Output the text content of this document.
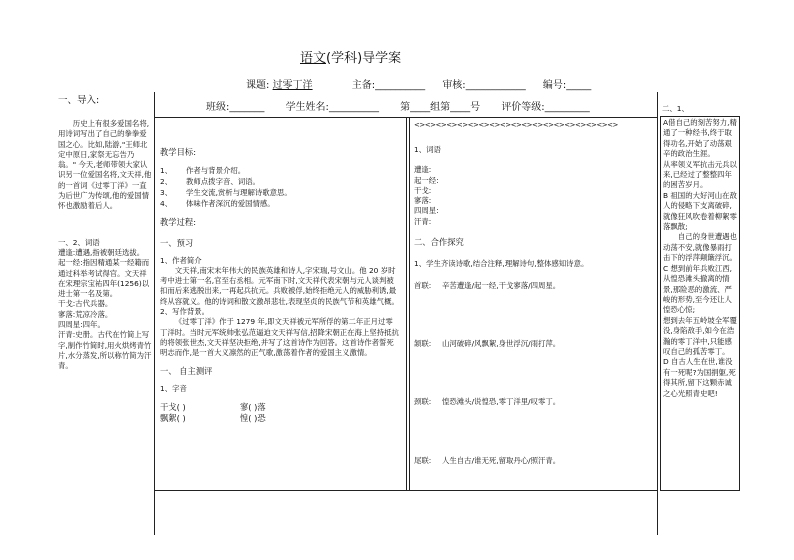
语文(学科)导学案
课题: 过零丁洋	主备:__________ 审核:____________ 编号:_____
班级:_______ 学生姓名:__________ 第____组第____号 评价等级:_________
一、导入:

历史上有很多爱国名将,用诗词写出了自己的拳拳爱国之心。比如,陆游,"王师北定中原日,家祭无忘告乃翁。" 今天,老师带领大家认识另一位爱国名将,文天祥,他的一首词《过零丁洋》一直为后世广为传颂,他的爱国情怀也激励着后人。

一、2、词语

遭逢:遭遇,指被朝廷选拔。

起一经:指因精通某一经籍而通过科举考试得官。文天祥在宋理宗宝祐四年(1256)以进士第一名及第。

干戈:古代兵器。

寥落:荒凉冷落。

四周星:四年。

汗青:史册。古代在竹简上写字,制作竹简时,用火烘烤青竹片,水分蒸发,所以称竹简为汗青。

教学目标:
1、	作者与背景介绍。
2、	教师点拨字音、词语。
3、	学生交流,赏析与理解诗歌意思。
4、	体味作者深沉的爱国情感。
教学过程:
一、预习
1、作者简介

文天祥,南宋末年伟大的民族英雄和诗人,字宋瑞,号文山。他 20 岁时考中进士第一名,官至右丞相。元军南下时,文天祥代表宋朝与元人谈判被扣而后来逃脱出来,一再起兵抗元。兵败被俘,始终拒绝元人的威胁利诱,最终从容就义。他的诗词和散文激昂悲壮,表现坚贞的民族气节和英雄气概。

2、写作背景。

《过零丁洋》作于 1279 年,即文天祥被元军所俘的第二年正月过零丁洋时。当时元军统帅张弘范逼迫文天祥写信,招降宋朝正在海上坚持抵抗的将领张世杰,文天祥坚决拒绝,并写了这首诗作为回答。这首诗作者誓死明志而作,是一首大义凛然的正气歌,激荡着作者的爱国主义激情。

一、 自主测评
1、字音
干戈( )	寥( )落
飘絮( )	惶( )恐
<><><><><><><><><><><><><><><><><><><>
1、词语
遭逢:
起一经:
干戈:
寥落:
四周星:
汗青:
二、合作探究
1、学生齐读诗歌,结合注释,理解诗句,整体感知诗意。
首联:	辛苦遭逢/起一经,干戈寥落/四周星。
颔联:	山河破碎/风飘絮,身世浮沉/雨打萍。
颈联:	惶恐滩头/说惶恐,零丁洋里/叹零丁。
尾联:	人生自古/谁无死,留取丹心/照汗青。
二、1、

A借自己的刻苦努力,精通了一种经书,终于取得功名,开始了动荡艰辛的政治生涯。

从率领义军抗击元兵以来,已经过了整整四年的困苦岁月。

B 祖国的大好河山在敌人的侵略下支离破碎,就像狂风吹卷着柳絮零落飘散;

自己的身世遭遇也动荡不安,就像暴雨打击下的浮萍颠簸浮沉。

C 想到前年兵败江西,从惶恐滩头撤离的情景,那险恶的激流、严峻的形势,至今还让人惶恐心惊;

想到去年五岭坡全军覆没,身陷敌手,如今在浩瀚的零丁洋中,只能感叹自己的孤苦零丁。

D 自古人生在世,谁没有一死呢?为国捐躯,死得其所,留下这颗赤诚之心光照青史吧!
